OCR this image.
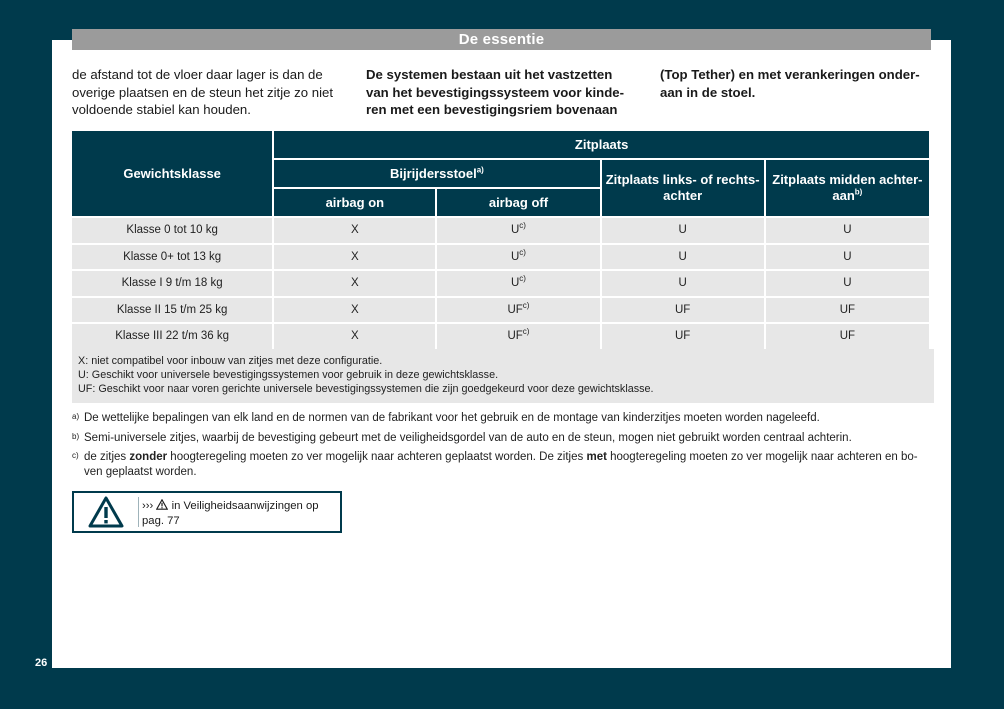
De essentie
de afstand tot de vloer daar lager is dan de
overige plaatsen en de steun het zitje zo niet
voldoende stabiel kan houden.
De systemen bestaan uit het vastzetten
van het bevestigingssysteem voor kinde-
ren met een bevestigingsriem bovenaan
(Top Tether) en met verankeringen onder-
aan in de stoel.
Gewichtsklasse	Zitplaats			
	Bijrijdersstoel$^{a)}$		Zitplaats links- of rechts-achter	Zitplaats midden achter-aan$^{b)}$
	airbag on	airbag off		
Klasse 0 tot 10 kg	X	$U^{c)}$	U	U
Klasse 0+ tot 13 kg	X	$U^{c)}$	U	U
Klasse I 9 t/m 18 kg	X	$U^{c)}$	U	U
Klasse II 15 t/m 25 kg	X	UF$^{c)}$	UF	UF
Klasse III 22 t/m 36 kg	X	UF$^{c)}$	UF	UF
X: niet compatibel voor inbouw van zitjes met deze configuratie.
U: Geschikt voor universele bevestigingssystemen voor gebruik in deze gewichtsklasse.
UF: Geschikt voor naar voren gerichte universele bevestigingssystemen die zijn goedgekeurd voor deze gewichtsklasse.
a) De wettelijke bepalingen van elk land en de normen van de fabrikant voor het gebruik en de montage van kinderzitjes moeten worden nageleefd.
b) Semi-universele zitjes, waarbij de bevestiging gebeurt met de veiligheidsgordel van de auto en de steun, mogen niet gebruikt worden centraal achterin.
c) de zitjes zonder hoogteregeling moeten zo ver mogelijk naar achteren geplaatst worden. De zitjes met hoogteregeling moeten zo ver mogelijk naar achteren en bo-ven geplaatst worden.
››› in Veiligheidsaanwijzingen op pag. 77
26
